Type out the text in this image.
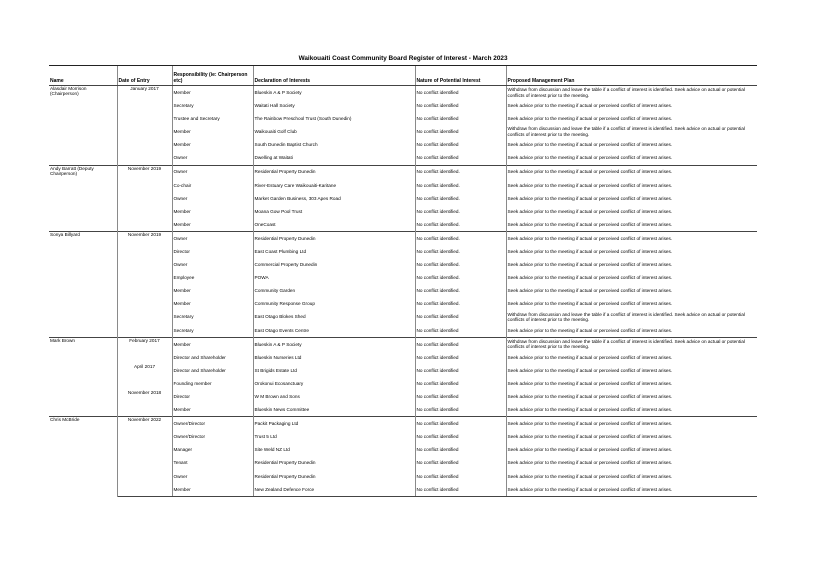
Waikouaiti Coast Community Board Register of Interest - March 2023					
Name	Date of Entry	Responsibility (ie: Chairperson etc)	Declaration of Interests	Nature of Potential Interest	Proposed Management Plan
Alasdair Morrison (Chairperson)	January 2017	Member	Blueskin A & P Society	No conflict identified	Withdraw from discussion and leave the table if a conflict of interest is identified. Seek advice on actual or potential conflicts of interest prior to the meeting.
		Secretary	Waitati Hall Society	No conflict identified	Seek advice prior to the meeting if actual or perceived conflict of interest arises.
		Trustee and Secretary	The Rainbow Preschool Trust (South Dunedin)	No conflict identified	Seek advice prior to the meeting if actual or perceived conflict of interest arises.
		Member	Waikouaiti Golf Club	No conflict identified	Withdraw from discussion and leave the table if a conflict of interest is identified. Seek advice on actual or potential conflicts of interest prior to the meeting.
		Member	South Dunedin Baptist Church	No conflict identified	Seek advice prior to the meeting if actual or perceived conflict of interest arises.
		Owner	Dwelling at Waitati	No conflict identified	Seek advice prior to the meeting if actual or perceived conflict of interest arises.
Andy Barratt (Deputy Chairperson)	November 2019	Owner	Residential Property Dunedin	No conflict identified.	Seek advice prior to the meeting if actual or perceived conflict of interest arises.
		Co-chair	River-Estuary Care Waikouaiti-Karitane	No conflict identified.	Seek advice prior to the meeting if actual or perceived conflict of interest arises.
		Owner	Market Garden Business, 303 Apes Road	No conflict identified.	Seek advice prior to the meeting if actual or perceived conflict of interest arises.
		Member	Moana Gow Pool Trust	No conflict identified.	Seek advice prior to the meeting if actual or perceived conflict of interest arises.
		Member	OneCoast	No conflict identified.	Seek advice prior to the meeting if actual or perceived conflict of interest arises.
Sonya Billyard	November 2019	Owner	Residential Property Dunedin	No conflict identified.	Seek advice prior to the meeting if actual or perceived conflict of interest arises.
		Director	East Coast Plumbing Ltd	No conflict identified.	Seek advice prior to the meeting if actual or perceived conflict of interest arises.
		Owner	Commercial Property Dunedin	No conflict identified.	Seek advice prior to the meeting if actual or perceived conflict of interest arises.
		Employee	POWA	No conflict identified.	Seek advice prior to the meeting if actual or perceived conflict of interest arises.
		Member	Community Garden	No conflict identified.	Seek advice prior to the meeting if actual or perceived conflict of interest arises.
		Member	Community Response Group	No conflict identified.	Seek advice prior to the meeting if actual or perceived conflict of interest arises.
		Secretary	East Otago Blokes Shed	No conflict identified	Withdraw from discussion and leave the table if a conflict of interest is identified. Seek advice on actual or potential conflicts of interest prior to the meeting.
		Secretary	East Otago Events Centre	No conflict identified	Seek advice prior to the meeting if actual or perceived conflict of interest arises.
Mark Brown	February 2017	Member	Blueskin A & P Society	No conflict identified	Withdraw from discussion and leave the table if a conflict of interest is identified. Seek advice on actual or potential conflicts of interest prior to the meeting.
		Director and Shareholder	Blueskin Nurseries Ltd	No conflict identified	Seek advice prior to the meeting if actual or perceived conflict of interest arises.
	April 2017	Director and Shareholder	St Brigids Estate Ltd	No conflict identified	Seek advice prior to the meeting if actual or perceived conflict of interest arises.
		Founding member	Orokonui Ecosanctuary	No conflict identified	Seek advice prior to the meeting if actual or perceived conflict of interest arises.
	November 2018	Director	W M Brown and Sons	No conflict identified	Seek advice prior to the meeting if actual or perceived conflict of interest arises.
		Member	Blueskin News Committee	No conflict identified	Seek advice prior to the meeting if actual or perceived conflict of interest arises.
Chris McBride	November 2022	Owner/Director	Packit Packaging Ltd	No conflict identified	Seek advice prior to the meeting if actual or perceived conflict of interest arises.
		Owner/Director	Trust 5 Ltd	No conflict identified	Seek advice prior to the meeting if actual or perceived conflict of interest arises.
		Manager	Site Weld NZ Ltd	No conflict identified	Seek advice prior to the meeting if actual or perceived conflict of interest arises.
		Tenant	Residential Property Dunedin	No conflict identified	Seek advice prior to the meeting if actual or perceived conflict of interest arises.
		Owner	Residential Property Dunedin	No conflict identified	Seek advice prior to the meeting if actual or perceived conflict of interest arises.
		Member	New Zealand Defence Force	No conflict identified	Seek advice prior to the meeting if actual or perceived conflict of interest arises.
